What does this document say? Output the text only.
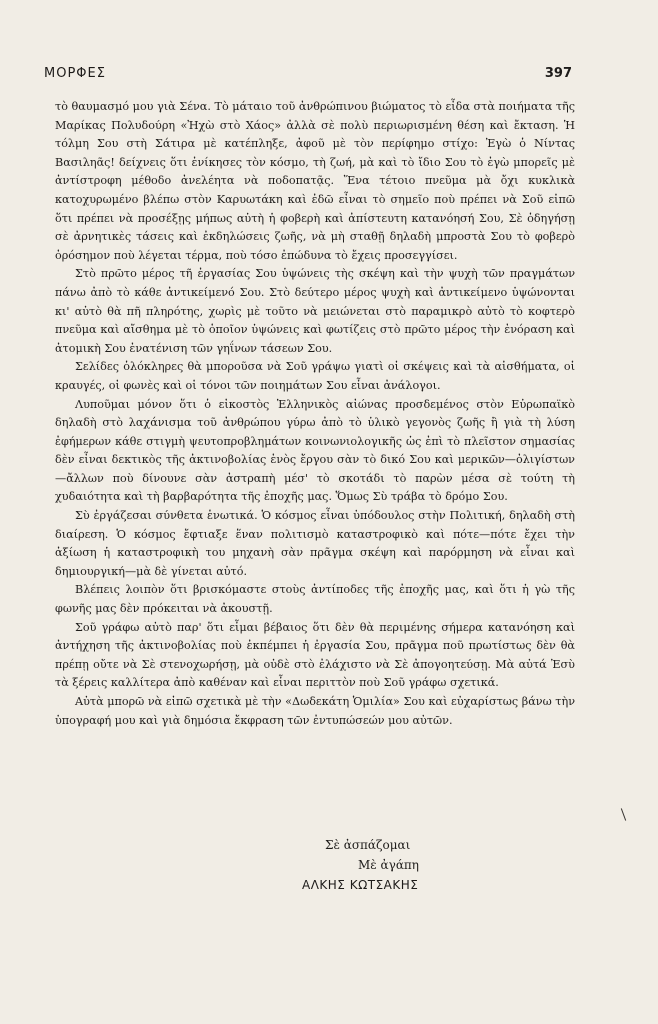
ΜΟΡΦΕΣ	397

τὸ θαυμασμό μου γιὰ Σένα. Τὸ μάταιο τοῦ ἀνθρώπινου βιώματος τὸ εἶδα στὰ ποιήματα τῆς Μαρίκας Πολυδούρη «Ἠχὼ στὸ Χάος» ἀλλὰ σὲ πολὺ περιωρισμένη θέση καὶ ἔκταση. Ἡ τόλμη Σου στὴ Σάτιρα μὲ κατέπληξε, ἀφοῦ μὲ τὸν περίφημο στίχο: Ἐγὼ ὁ Νίντας Βασιληᾶς! δείχνεις ὅτι ἐνίκησες τὸν κόσμο, τὴ ζωή, μὰ καὶ τὸ ἴδιο Σου τὸ ἐγὼ μπορεῖς μὲ ἀντίστροφη μέθοδο ἀνελέητα νὰ ποδοπατᾷς. Ἕνα τέτοιο πνεῦμα μὰ ὄχι κυκλικὰ κατοχυρωμένο βλέπω στὸν Καρυωτάκη καὶ ἐδῶ εἶναι τὸ σημεῖο ποὺ πρέπει νὰ Σοῦ εἰπῶ ὅτι πρέπει νὰ προσέξῃς μήπως αὐτὴ ἡ φοβερὴ καὶ ἀπίστευτη κατανόησή Σου, Σὲ ὁδηγήσῃ σὲ ἀρνητικὲς τάσεις καὶ ἐκδηλώσεις ζωῆς, νὰ μὴ σταθῇ δηλαδὴ μπροστὰ Σου τὸ φοβερὸ ὁρόσημον ποὺ λέγεται τέρμα, ποὺ τόσο ἐπώδυνα τὸ ἔχεις προσεγγίσει.

Στὸ πρῶτο μέρος τῆ ἐργασίας Σου ὑψώνεις τὴς σκέψη καὶ τὴν ψυχὴ τῶν πραγμάτων πάνω ἀπὸ τὸ κάθε ἀντικείμενό Σου. Στὸ δεύτερο μέρος ψυχὴ καὶ ἀντικείμενο ὑψώνονται κι' αὐτὸ θὰ πῆ πληρότης, χωρὶς μὲ τοῦτο νὰ μειώνεται στὸ παραμικρὸ αὐτὸ τὸ κοφτερὸ πνεῦμα καὶ αἴσθημα μὲ τὸ ὁποῖον ὑψώνεις καὶ φωτίζεις στὸ πρῶτο μέρος τὴν ἐνόραση καὶ ἀτομικὴ Σου ἐνατένιση τῶν γηΐνων τάσεων Σου.

Σελίδες ὁλόκληρες θὰ μποροῦσα νὰ Σοῦ γράψω γιατὶ οἱ σκέψεις καὶ τὰ αἰσθήματα, οἱ κραυγές, οἱ φωνὲς καὶ οἱ τόνοι τῶν ποιημάτων Σου εἶναι ἀνάλογοι.

Λυποῦμαι μόνον ὅτι ὁ εἰκοστὸς Ἑλληνικὸς αἰώνας προσδεμένος στὸν Εὐρωπαϊκὸ δηλαδὴ στὸ λαχάνισμα τοῦ ἀνθρώπου γύρω ἀπὸ τὸ ὑλικὸ γεγονὸς ζωῆς ἢ γιὰ τὴ λύση ἐφήμερων κάθε στιγμὴ ψευτοπροβλημάτων κοινωνιολογικῆς ὡς ἐπὶ τὸ πλεῖστον σημασίας δὲν εἶναι δεκτικὸς τῆς ἀκτινοβολίας ἑνὸς ἔργου σὰν τὸ δικό Σου καὶ μερικῶν—ὀλιγίστων—ἄλλων ποὺ δίνουνε σὰν ἀστραπὴ μέσ' τὸ σκοτάδι τὸ παρὼν μέσα σὲ τούτη τὴ χυδαιότητα καὶ τὴ βαρβαρότητα τῆς ἐποχῆς μας. Ὅμως Σὺ τράβα τὸ δρόμο Σου.

Σὺ ἐργάζεσαι σύνθετα ἑνωτικά. Ὁ κόσμος εἶναι ὑπόδουλος στὴν Πολιτική, δηλαδὴ στὴ διαίρεση. Ὁ κόσμος ἔφτιαξε ἕναν πολιτισμὸ καταστροφικὸ καὶ πότε—πότε ἔχει τὴν ἀξίωση ἡ καταστροφικὴ του μηχανὴ σὰν πρᾶγμα σκέψη καὶ παρόρμηση νὰ εἶναι καὶ δημιουργική—μὰ δὲ γίνεται αὐτό.

Βλέπεις λοιπὸν ὅτι βρισκόμαστε στοὺς ἀντίποδες τῆς ἐποχῆς μας, καὶ ὅτι ἡ γὼ τῆς φωνῆς μας δὲν πρόκειται νὰ ἀκουστῇ.

Σοῦ γράφω αὐτὸ παρ' ὅτι εἶμαι βέβαιος ὅτι δὲν θὰ περιμένης σήμερα κατανόηση καὶ ἀντήχηση τῆς ἀκτινοβολίας ποὺ ἐκπέμπει ἡ ἐργασία Σου, πρᾶγμα ποῦ πρωτίστως δὲν θὰ πρέπῃ οὔτε νὰ Σὲ στενοχωρήσῃ, μὰ οὐδὲ στὸ ἐλάχιστο νὰ Σὲ ἀπογοητεύσῃ. Μὰ αὐτά Ἐσὺ τὰ ξέρεις καλλίτερα ἀπὸ καθέναν καὶ εἶναι περιττὸν ποὺ Σοῦ γράφω σχετικά.

Αὐτὰ μπορῶ νὰ εἰπῶ σχετικὰ μὲ τὴν «Δωδεκάτη Ὁμιλία» Σου καὶ εὐχαρίστως βάνω τὴν ὑπογραφή μου καὶ γιὰ δημόσια ἔκφραση τῶν ἐντυπώσεών μου αὐτῶν.

Σὲ ἀσπάζομαι
Μὲ ἀγάπη
ΑΛΚΗΣ ΚΩΤΣΑΚΗΣ
